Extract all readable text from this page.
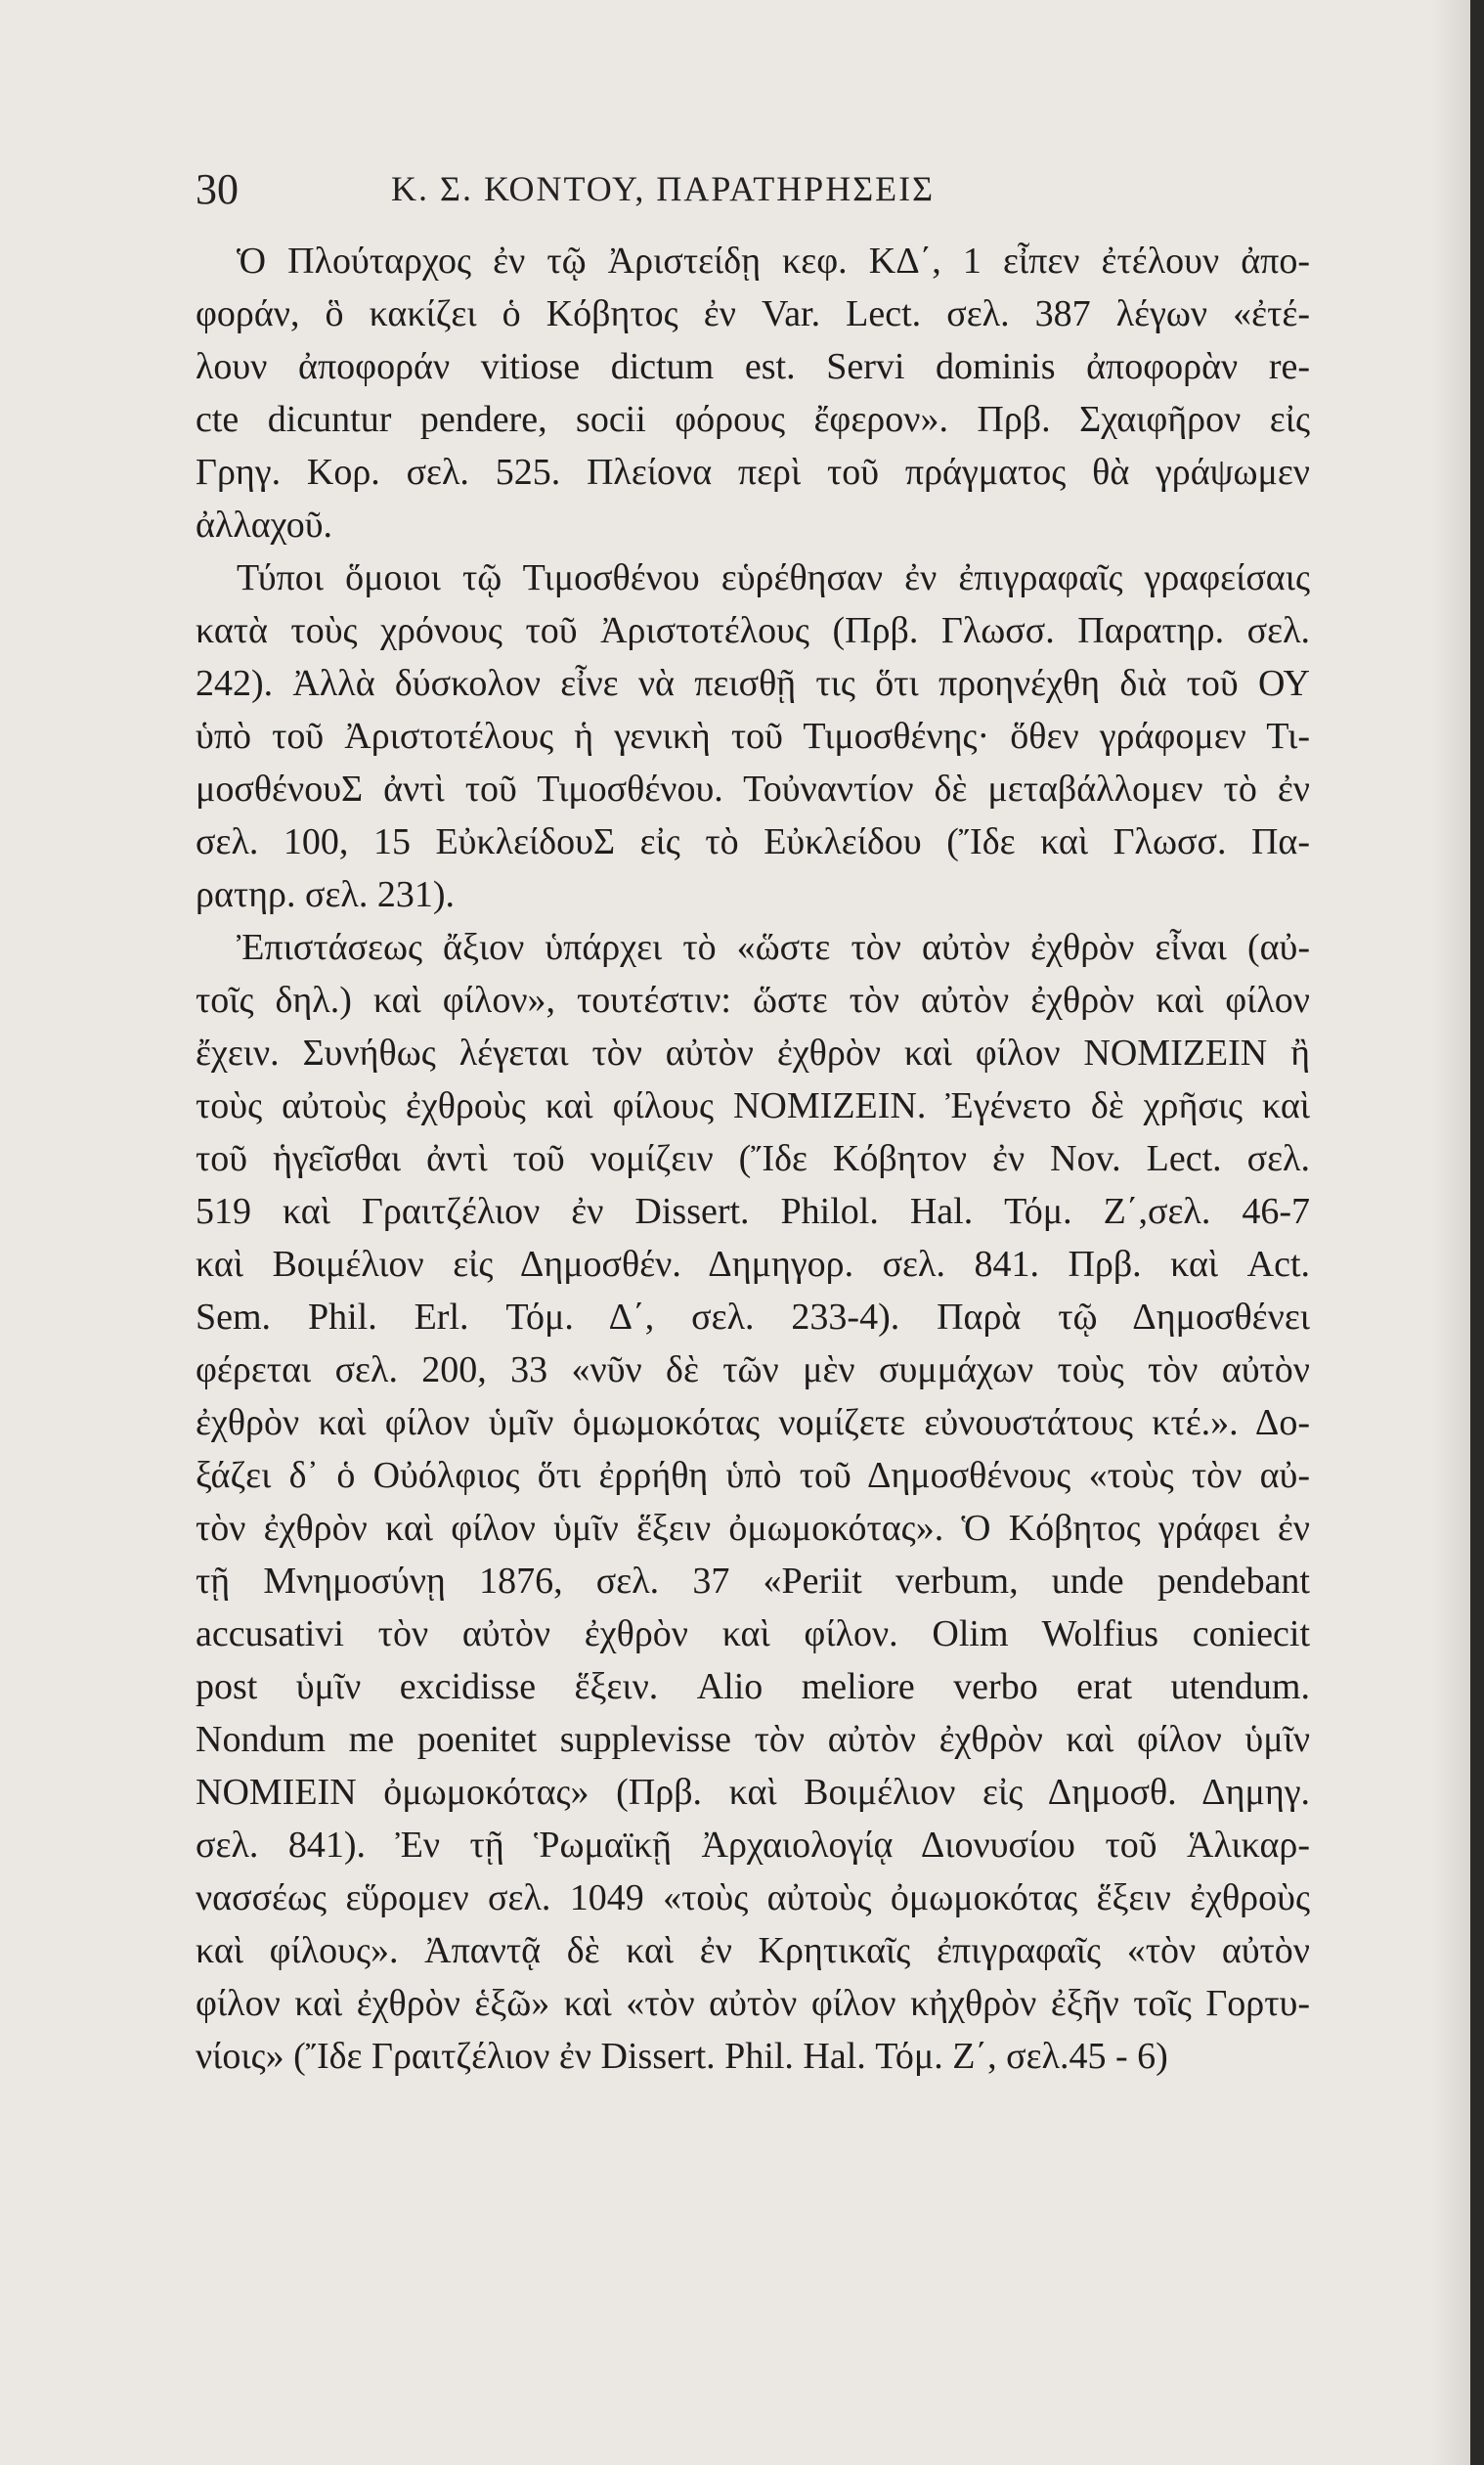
30	Κ. Σ. ΚΟΝΤΟΥ, ΠΑΡΑΤΗΡΗΣΕΙΣ
Ὁ Πλούταρχος ἐν τῷ Ἀριστείδῃ κεφ. ΚΔ΄, 1 εἶπεν ἐτέλουν ἀπο-
φοράν, ὃ κακίζει ὁ Κόβητος ἐν Var. Lect. σελ. 387 λέγων «ἐτέ-
λουν ἀποφοράν vitiose dictum est. Servi dominis ἀποφορὰν re-
cte dicuntur pendere, socii φόρους ἔφερον». Πρβ. Σχαιφῆρον εἰς
Γρηγ. Κορ. σελ. 525. Πλείονα περὶ τοῦ πράγματος θὰ γράψωμεν
ἀλλαχοῦ.
Τύποι ὅμοιοι τῷ Τιμοσθένου εὑρέθησαν ἐν ἐπιγραφαῖς γραφείσαις
κατὰ τοὺς χρόνους τοῦ Ἀριστοτέλους (Πρβ. Γλωσσ. Παρατηρ. σελ.
242). Ἀλλὰ δύσκολον εἶνε νὰ πεισθῇ τις ὅτι προηνέχθη διὰ τοῦ ΟΥ
ὑπὸ τοῦ Ἀριστοτέλους ἡ γενικὴ τοῦ Τιμοσθένης· ὅθεν γράφομεν Τι-
μοσθένουΣ ἀντὶ τοῦ Τιμοσθένου. Τοὐναντίον δὲ μεταβάλλομεν τὸ ἐν
σελ. 100, 15 ΕὐκλείδουΣ εἰς τὸ Εὐκλείδου (Ἴδε καὶ Γλωσσ. Πα-
ρατηρ. σελ. 231).
Ἐπιστάσεως ἄξιον ὑπάρχει τὸ «ὥστε τὸν αὐτὸν ἐχθρὸν εἶναι (αὐ-
τοῖς δηλ.) καὶ φίλον», τουτέστιν: ὥστε τὸν αὐτὸν ἐχθρὸν καὶ φίλον
ἔχειν. Συνήθως λέγεται τὸν αὐτὸν ἐχθρὸν καὶ φίλον ΝΟΜΙΖΕΙΝ ἢ
τοὺς αὐτοὺς ἐχθροὺς καὶ φίλους ΝΟΜΙΖΕΙΝ. Ἐγένετο δὲ χρῆσις καὶ
τοῦ ἡγεῖσθαι ἀντὶ τοῦ νομίζειν (Ἴδε Κόβητον ἐν Nov. Lect. σελ.
519 καὶ Γραιτζέλιον ἐν Dissert. Philol. Hal. Τόμ. Ζ΄,σελ. 46-7
καὶ Βοιμέλιον εἰς Δημοσθέν. Δημηγορ. σελ. 841. Πρβ. καὶ Act.
Sem. Phil. Erl. Τόμ. Δ΄, σελ. 233-4). Παρὰ τῷ Δημοσθένει
φέρεται σελ. 200, 33 «νῦν δὲ τῶν μὲν συμμάχων τοὺς τὸν αὐτὸν
ἐχθρὸν καὶ φίλον ὑμῖν ὁμωμοκότας νομίζετε εὐνουστάτους κτέ.». Δο-
ξάζει δ᾽ ὁ Οὐόλφιος ὅτι ἐρρήθη ὑπὸ τοῦ Δημοσθένους «τοὺς τὸν αὐ-
τὸν ἐχθρὸν καὶ φίλον ὑμῖν ἕξειν ὀμωμοκότας». Ὁ Κόβητος γράφει ἐν
τῇ Μνημοσύνῃ 1876, σελ. 37 «Periit verbum, unde pendebant
accusativi τὸν αὐτὸν ἐχθρὸν καὶ φίλον. Olim Wolfius coniecit
post ὑμῖν excidisse ἕξειν. Alio meliore verbo erat utendum.
Nondum me poenitet supplevisse τὸν αὐτὸν ἐχθρὸν καὶ φίλον ὑμῖν
ΝΟΜΙΕΙΝ ὀμωμοκότας» (Πρβ. καὶ Βοιμέλιον εἰς Δημοσθ. Δημηγ.
σελ. 841). Ἐν τῇ Ῥωμαϊκῇ Ἀρχαιολογίᾳ Διονυσίου τοῦ Ἁλικαρ-
νασσέως εὕρομεν σελ. 1049 «τοὺς αὐτοὺς ὀμωμοκότας ἕξειν ἐχθροὺς
καὶ φίλους». Ἀπαντᾷ δὲ καὶ ἐν Κρητικαῖς ἐπιγραφαῖς «τὸν αὐτὸν
φίλον καὶ ἐχθρὸν ἑξῶ» καὶ «τὸν αὐτὸν φίλον κἠχθρὸν ἐξῆν τοῖς Γορτυ-
νίοις» (Ἴδε Γραιτζέλιον ἐν Dissert. Phil. Hal. Τόμ. Ζ΄, σελ.45 - 6)
